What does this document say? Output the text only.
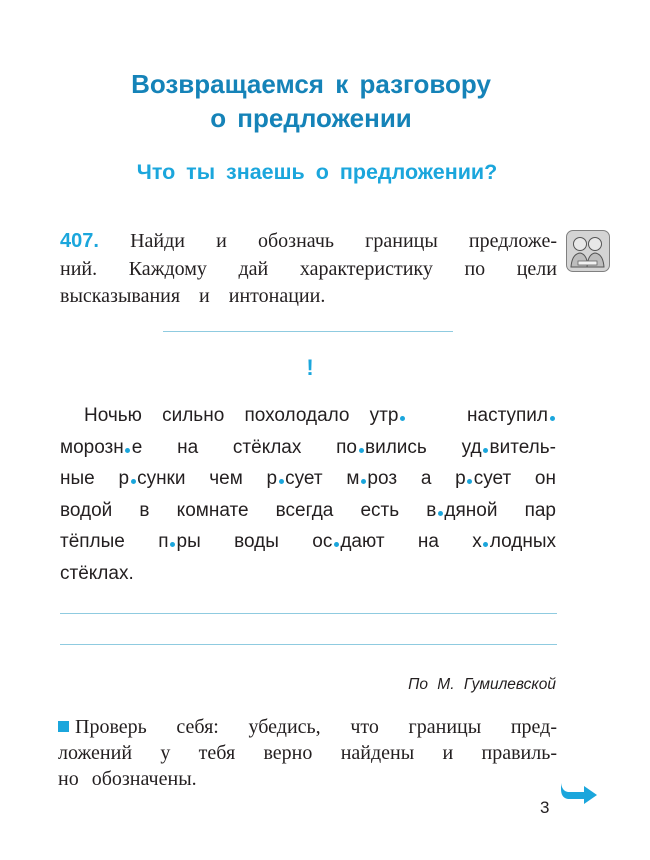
Возвращаемся к разговору
о предложении
Что ты знаешь о предложении?
407. Найди и обозначь границы предложе-
ний. Каждому дай характеристику по цели
высказывания и интонации.
!
Ночью сильно похолодало утр   наступил
морозн е на стёклах по вились уд витель-
ные р сунки чем р сует м роз а р сует он
водой в комнате всегда есть в дяной пар
тёплые п ры воды ос дают на х лодных
стёклах.
По М. Гумилевской
Проверь себя: убедись, что границы пред-
ложений у тебя верно найдены и правиль-
но обозначены.
3
